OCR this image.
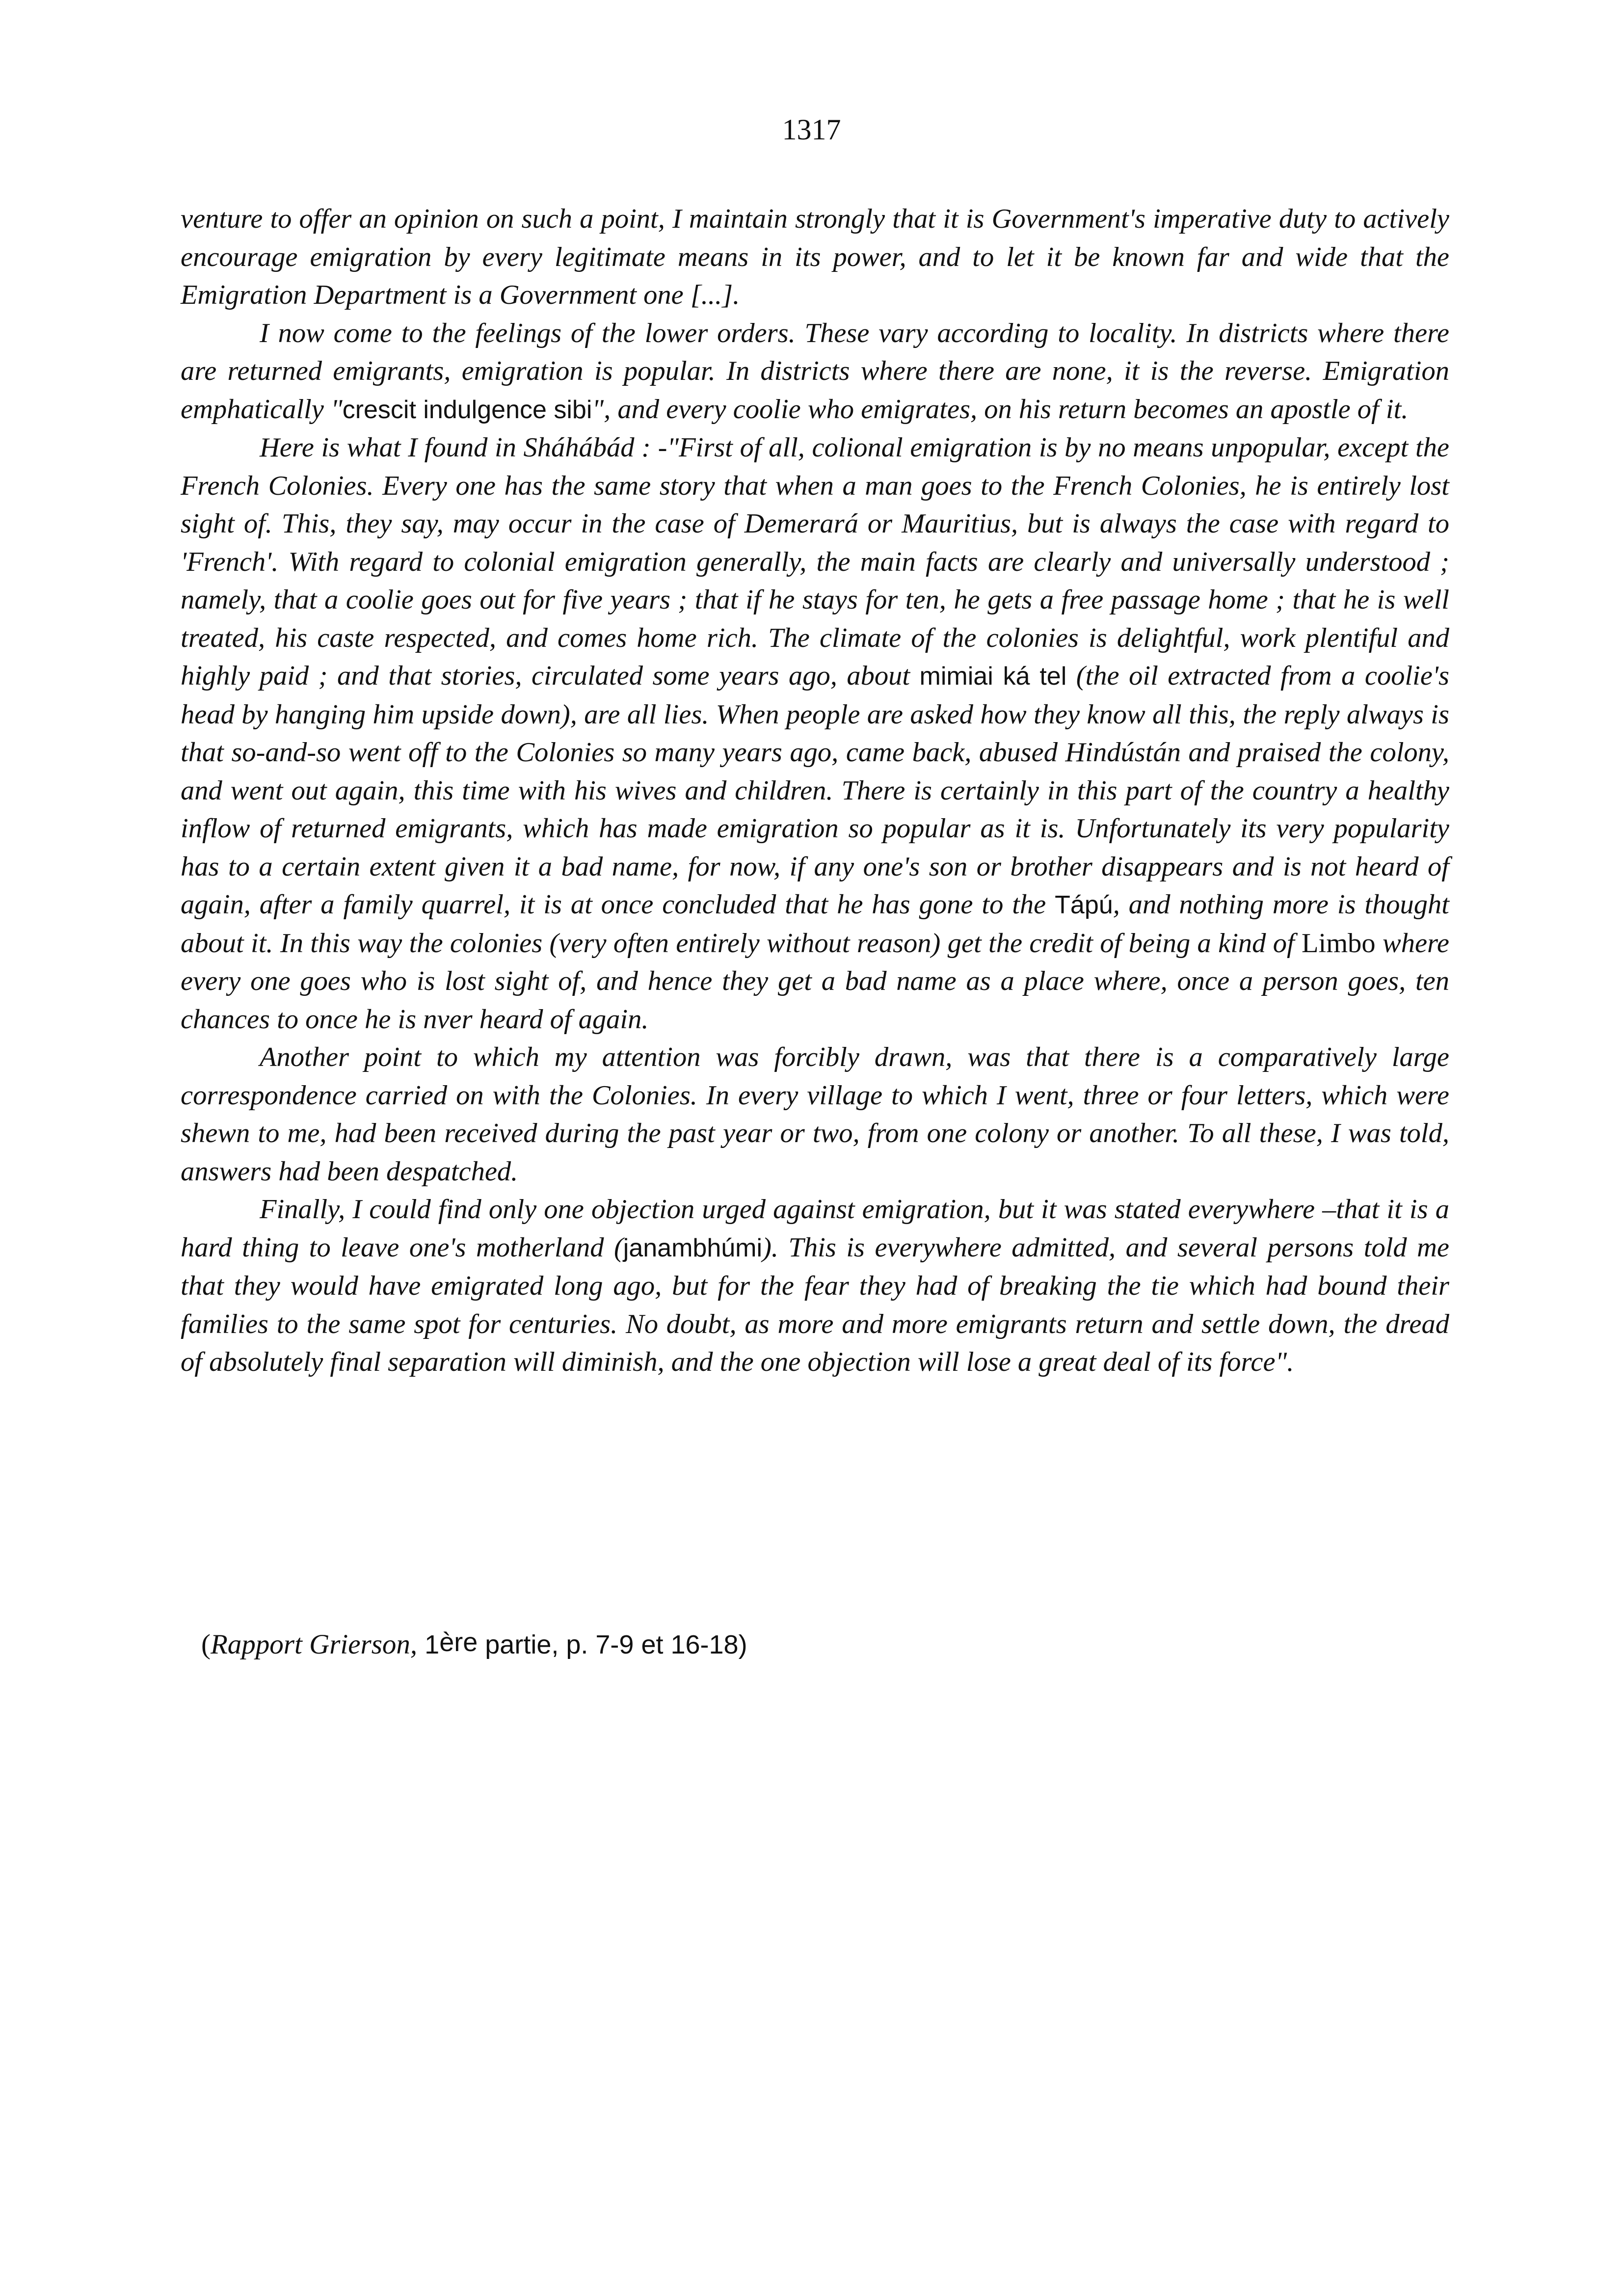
1317

venture to offer an opinion on such a point, I maintain strongly that it is Government's imperative duty to actively encourage emigration by every legitimate means in its power, and to let it be known far and wide that the Emigration Department is a Government one [...].

I now come to the feelings of the lower orders. These vary according to locality. In districts where there are returned emigrants, emigration is popular. In districts where there are none, it is the reverse. Emigration emphatically "crescit indulgence sibi", and every coolie who emigrates, on his return becomes an apostle of it.

Here is what I found in Sháhábád : -"First of all, colional emigration is by no means unpopular, except the French Colonies. Every one has the same story that when a man goes to the French Colonies, he is entirely lost sight of. This, they say, may occur in the case of Demerará or Mauritius, but is always the case with regard to 'French'. With regard to colonial emigration generally, the main facts are clearly and universally understood ; namely, that a coolie goes out for five years ; that if he stays for ten, he gets a free passage home ; that he is well treated, his caste respected, and comes home rich. The climate of the colonies is delightful, work plentiful and highly paid ; and that stories, circulated some years ago, about mimiai ká tel (the oil extracted from a coolie's head by hanging him upside down), are all lies. When people are asked how they know all this, the reply always is that so-and-so went off to the Colonies so many years ago, came back, abused Hindústán and praised the colony, and went out again, this time with his wives and children. There is certainly in this part of the country a healthy inflow of returned emigrants, which has made emigration so popular as it is. Unfortunately its very popularity has to a certain extent given it a bad name, for now, if any one's son or brother disappears and is not heard of again, after a family quarrel, it is at once concluded that he has gone to the Tápú, and nothing more is thought about it. In this way the colonies (very often entirely without reason) get the credit of being a kind of Limbo where every one goes who is lost sight of, and hence they get a bad name as a place where, once a person goes, ten chances to once he is nver heard of again.

Another point to which my attention was forcibly drawn, was that there is a comparatively large correspondence carried on with the Colonies. In every village to which I went, three or four letters, which were shewn to me, had been received during the past year or two, from one colony or another. To all these, I was told, answers had been despatched.

Finally, I could find only one objection urged against emigration, but it was stated everywhere –that it is a hard thing to leave one's motherland (janambhúmi). This is everywhere admitted, and several persons told me that they would have emigrated long ago, but for the fear they had of breaking the tie which had bound their families to the same spot for centuries. No doubt, as more and more emigrants return and settle down, the dread of absolutely final separation will diminish, and the one objection will lose a great deal of its force".

(Rapport Grierson, 1ère partie, p. 7-9 et 16-18)
